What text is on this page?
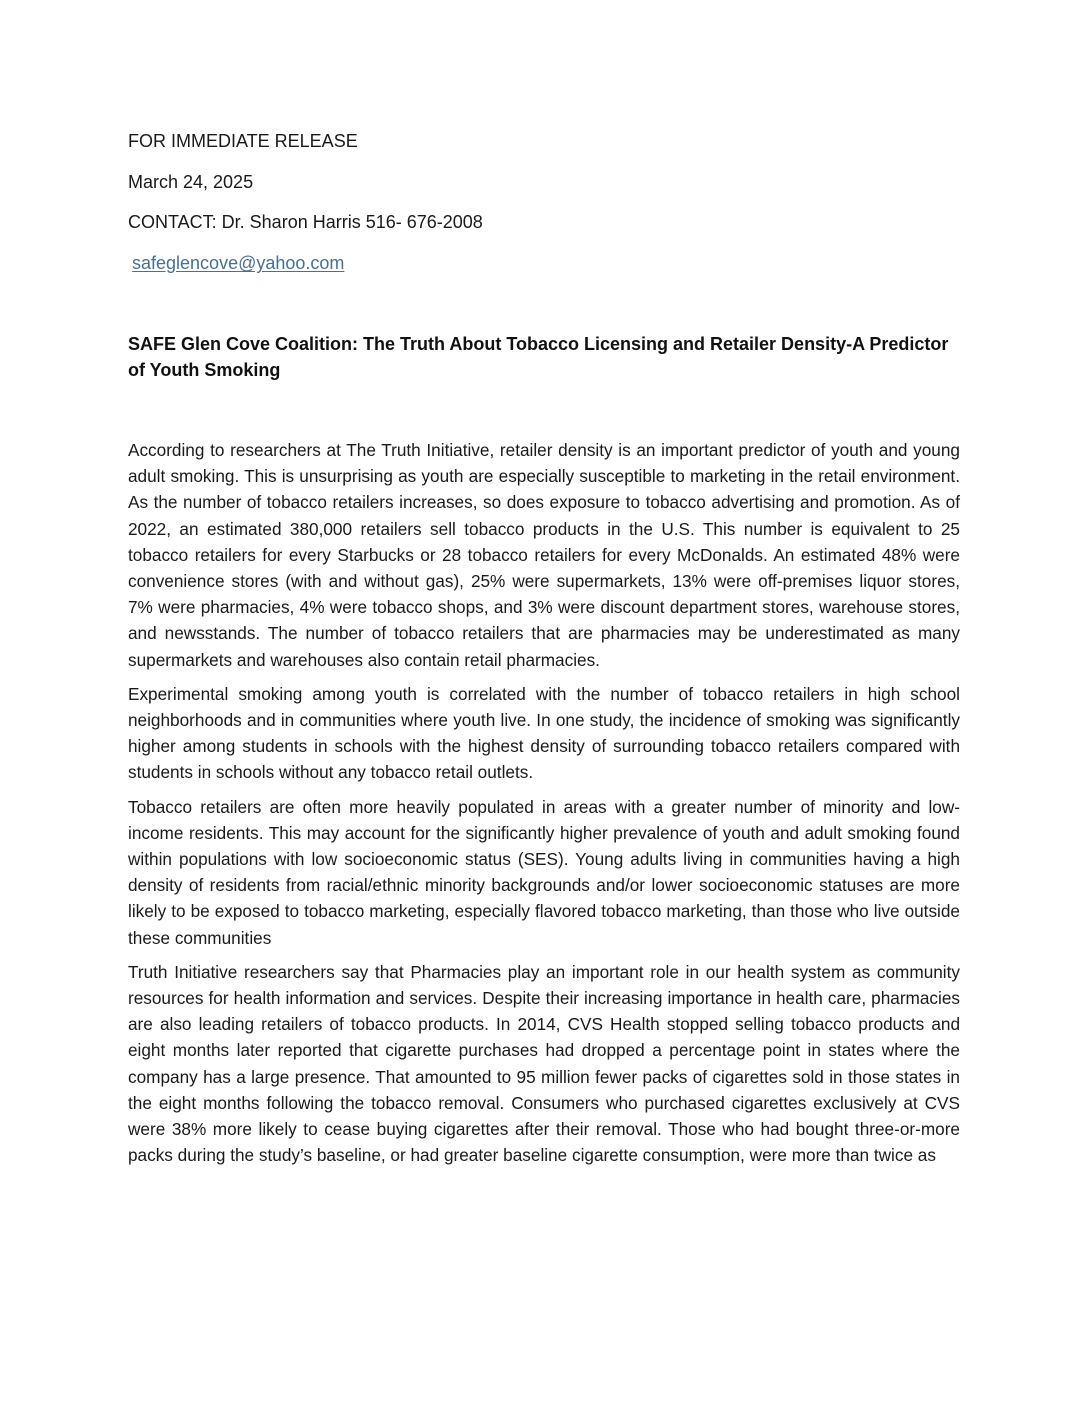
FOR IMMEDIATE RELEASE
March 24, 2025
CONTACT: Dr. Sharon Harris 516- 676-2008
safeglencove@yahoo.com
SAFE Glen Cove Coalition: The Truth About Tobacco Licensing and Retailer Density-A Predictor of Youth Smoking

According to researchers at The Truth Initiative, retailer density is an important predictor of youth and young adult smoking. This is unsurprising as youth are especially susceptible to marketing in the retail environment. As the number of tobacco retailers increases, so does exposure to tobacco advertising and promotion. As of 2022, an estimated 380,000 retailers sell tobacco products in the U.S. This number is equivalent to 25 tobacco retailers for every Starbucks or 28 tobacco retailers for every McDonalds. An estimated 48% were convenience stores (with and without gas), 25% were supermarkets, 13% were off-premises liquor stores, 7% were pharmacies, 4% were tobacco shops, and 3% were discount department stores, warehouse stores, and newsstands. The number of tobacco retailers that are pharmacies may be underestimated as many supermarkets and warehouses also contain retail pharmacies.

Experimental smoking among youth is correlated with the number of tobacco retailers in high school neighborhoods and in communities where youth live. In one study, the incidence of smoking was significantly higher among students in schools with the highest density of surrounding tobacco retailers compared with students in schools without any tobacco retail outlets.

Tobacco retailers are often more heavily populated in areas with a greater number of minority and low-income residents. This may account for the significantly higher prevalence of youth and adult smoking found within populations with low socioeconomic status (SES). Young adults living in communities having a high density of residents from racial/ethnic minority backgrounds and/or lower socioeconomic statuses are more likely to be exposed to tobacco marketing, especially flavored tobacco marketing, than those who live outside these communities

Truth Initiative researchers say that Pharmacies play an important role in our health system as community resources for health information and services. Despite their increasing importance in health care, pharmacies are also leading retailers of tobacco products. In 2014, CVS Health stopped selling tobacco products and eight months later reported that cigarette purchases had dropped a percentage point in states where the company has a large presence. That amounted to 95 million fewer packs of cigarettes sold in those states in the eight months following the tobacco removal. Consumers who purchased cigarettes exclusively at CVS were 38% more likely to cease buying cigarettes after their removal. Those who had bought three-or-more packs during the study’s baseline, or had greater baseline cigarette consumption, were more than twice as
